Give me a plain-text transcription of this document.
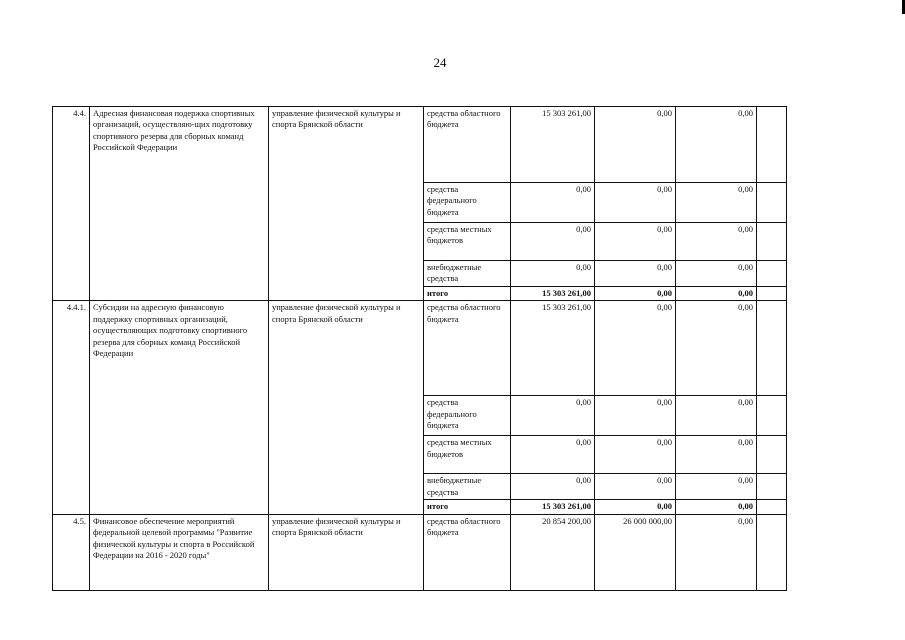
24
4.4.	Адресная финансовая подержка спортивных организаций, осуществляю-щих подготовку спортивного резерва для сборных команд Российской Федерации	управление физической культуры и спорта Брянской области	средства областного бюджета	15 303 261,00	0,00	0,00	
			средства федерального бюджета	0,00	0,00	0,00	
			средства местных бюджетов	0,00	0,00	0,00	
			внебюджетные средства	0,00	0,00	0,00	
			итого	15 303 261,00	0,00	0,00	
4.4.1.	Субсидии на адресную финансовую поддержку спортивных организаций, осуществляющих подготовку спортивного резерва для сборных команд Российской Федерации	управление физической культуры и спорта Брянской области	средства областного бюджета	15 303 261,00	0,00	0,00	
			средства федерального бюджета	0,00	0,00	0,00	
			средства местных бюджетов	0,00	0,00	0,00	
			внебюджетные средства	0,00	0,00	0,00	
			итого	15 303 261,00	0,00	0,00	
4.5.	Финансовое обеспечение мероприятий федеральной целевой программы "Развитие физической культуры и спорта в Российской Федерации на 2016 - 2020 годы"	управление физической культуры и спорта Брянской области	средства областного бюджета	20 854 200,00	26 000 000,00	0,00	
